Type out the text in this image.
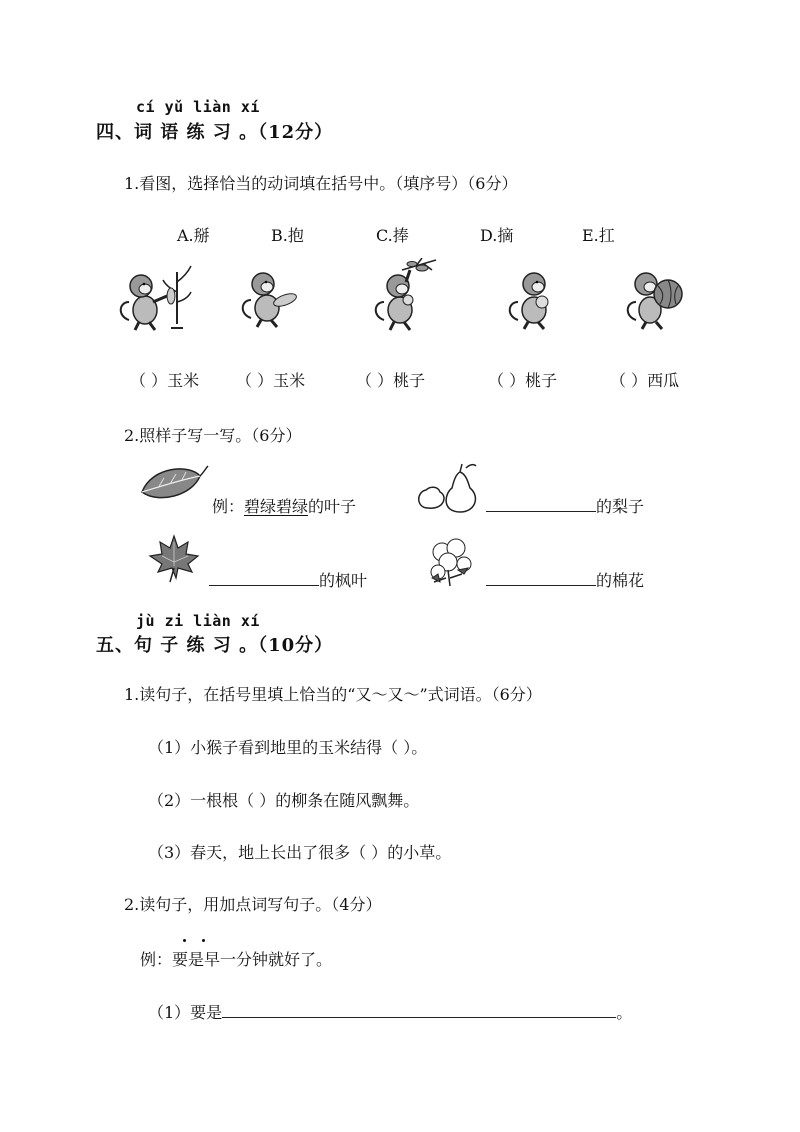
cí yǔ liàn xí
四、词 语 练 习 。（12分）
1.看图，选择恰当的动词填在括号中。（填序号）（6分）
A.掰	B.抱	C.捧	D.摘	E.扛
（ ）玉米 （ ）玉米	（ ）桃子	（ ）桃子	（ ）西瓜
2.照样子写一写。（6分）
例：碧绿碧绿的叶子	的梨子
的枫叶	的棉花
jù zi liàn xí
五、句 子 练 习 。（10分）
1.读句子，在括号里填上恰当的“又～又～”式词语。（6分）
（1）小猴子看到地里的玉米结得（ ）。
（2）一根根（ ）的柳条在随风飘舞。
（3）春天，地上长出了很多（ ）的小草。
2.读句子，用加点词写句子。（4分）
例：要是早一分钟就好了。
（1）要是	。
